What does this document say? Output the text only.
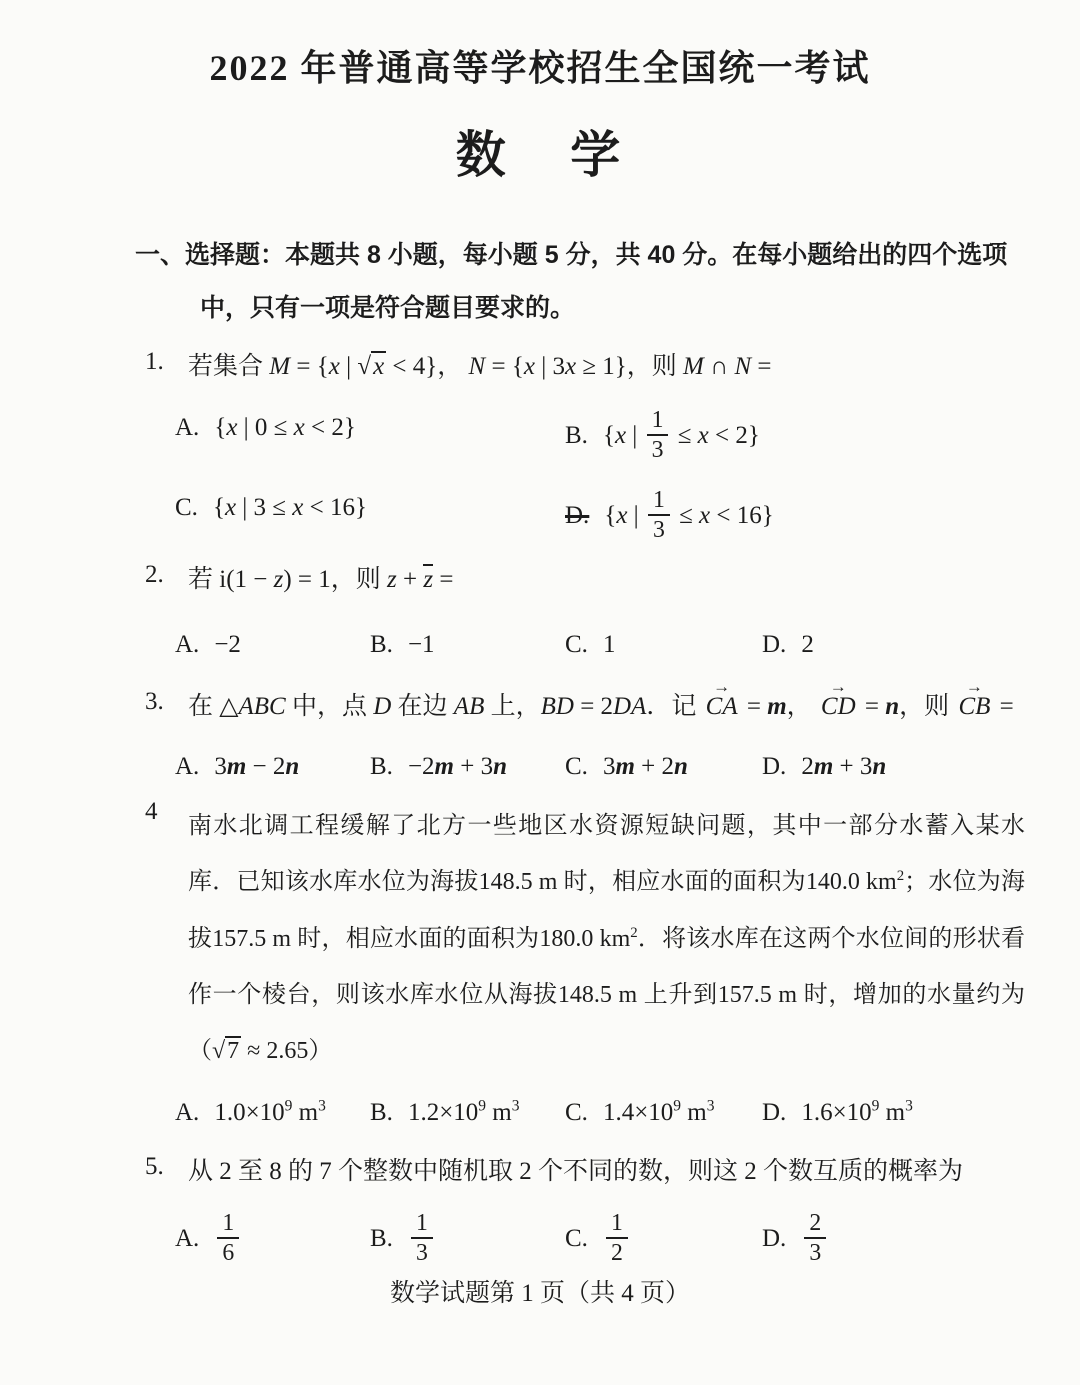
2022 年普通高等学校招生全国统一考试
数 学
一、选择题：本题共 8 小题，每小题 5 分，共 40 分。在每小题给出的四个选项中，只有一项是符合题目要求的。
1. 若集合 M = {x | √x < 4}， N = {x | 3x ≥ 1}，则 M ∩ N =
A. {x | 0 ≤ x < 2}	B. {x | $\frac{1}{3} \le x < 2$}
C. {x | 3 ≤ x < 16}	D. {x | $\frac{1}{3} \le x < 16$}
2. 若 i(1 − z) = 1，则 z + z =
A. −2	B. −1	C. 1	D. 2
3. 在 △ABC 中，点 D 在边 AB 上，BD = 2DA．记
→
CA = m，
→
CD = n，则
→
CB =
A. 3m − 2n	B. −2m + 3n	C. 3m + 2n	D. 2m + 3n
4
南水北调工程缓解了北方一些地区水资源短缺问题，其中一部分水蓄入某水库．已知该水库水位为海拔148.5 m 时，相应水面的面积为140.0 $km^2$；水位为海拔157.5 m 时，相应水面的面积为180.0 $km^2$．将该水库在这两个水位间的形状看作一个棱台，则该水库水位从海拔148.5 m 上升到157.5 m 时，增加的水量约为（√7 ≈ 2.65）
A. $1.0\times 10^9$ $m^3$	B. $1.2\times 10^9$ $m^3$	C. $1.4\times 10^9$ $m^3$	D. $1.6\times 10^9$ $m^3$
5. 从 2 至 8 的 7 个整数中随机取 2 个不同的数，则这 2 个数互质的概率为
A. $\frac{1}{6}$	B. $\frac{1}{3}$	C. $\frac{1}{2}$	D. $\frac{2}{3}$
数学试题第 1 页（共 4 页）
